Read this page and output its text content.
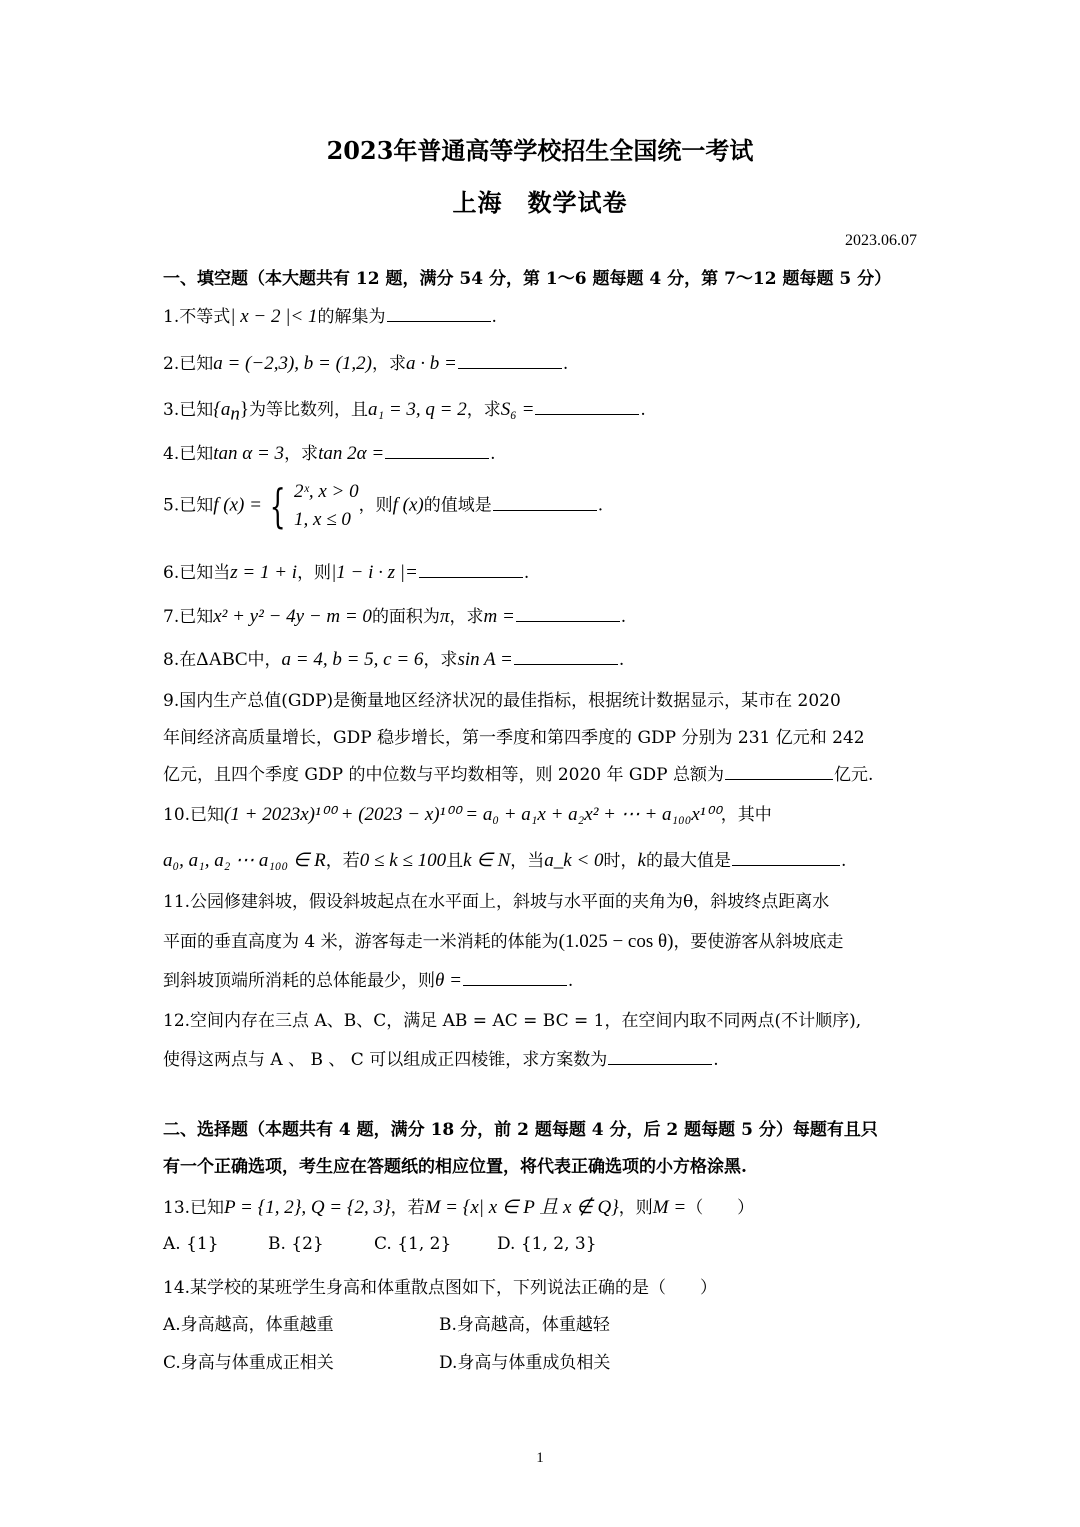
2023年普通高等学校招生全国统一考试
上海　数学试卷
2023.06.07
一、填空题（本大题共有 12 题，满分 54 分，第 1～6 题每题 4 分，第 7～12 题每题 5 分）
1.不等式| x − 2 |< 1的解集为	.
2.已知a = (−2,3), b = (1,2)，求a · b =	.
3.已知$\{a_n\}$为等比数列，且a₁ = 3, q = 2，求S₆ =	.
4.已知tan α = 3，求tan 2α =	.
5.已知f (x) = { 2ˣ, x > 0
1, x ≤ 0
，则f (x)的值域是	.
6.已知当z = 1 + i，则|1 − i · z |=	.
7.已知x² + y² − 4y − m = 0的面积为π，求m =	.
8.在ΔABC中，a = 4, b = 5, c = 6，求sin A =	.
9.国内生产总值(GDP)是衡量地区经济状况的最佳指标，根据统计数据显示，某市在 2020
年间经济高质量增长，GDP 稳步增长，第一季度和第四季度的 GDP 分别为 231 亿元和 242
亿元，且四个季度 GDP 的中位数与平均数相等，则 2020 年 GDP 总额为	亿元.
10.已知(1 + 2023x)¹⁰⁰ + (2023 − x)¹⁰⁰ = a₀ + a₁x + a₂x² + ⋯ + a₁₀₀x¹⁰⁰，其中
a₀, a₁, a₂ ⋯ a₁₀₀ ∈ R，若0 ≤ k ≤ 100且k ∈ N，当a_k < 0时，k的最大值是	.
11.公园修建斜坡，假设斜坡起点在水平面上，斜坡与水平面的夹角为θ，斜坡终点距离水
平面的垂直高度为 4 米，游客每走一米消耗的体能为(1.025 − cos θ)，要使游客从斜坡底走
到斜坡顶端所消耗的总体能最少，则θ =	.
12.空间内存在三点 A、B、C，满足 AB = AC = BC = 1，在空间内取不同两点(不计顺序),
使得这两点与 A 、 B 、 C 可以组成正四棱锥，求方案数为	.
二、选择题（本题共有 4 题，满分 18 分，前 2 题每题 4 分，后 2 题每题 5 分）每题有且只
有一个正确选项，考生应在答题纸的相应位置，将代表正确选项的小方格涂黑.
13.已知P = {1, 2}, Q = {2, 3}，若M = {x| x ∈ P 且 x ∉ Q}，则M =（　　）
A. {1}	B. {2}	C. {1, 2}	D. {1, 2, 3}
14.某学校的某班学生身高和体重散点图如下，下列说法正确的是（　　）
A.身高越高，体重越重	B.身高越高，体重越轻
C.身高与体重成正相关	D.身高与体重成负相关
1
